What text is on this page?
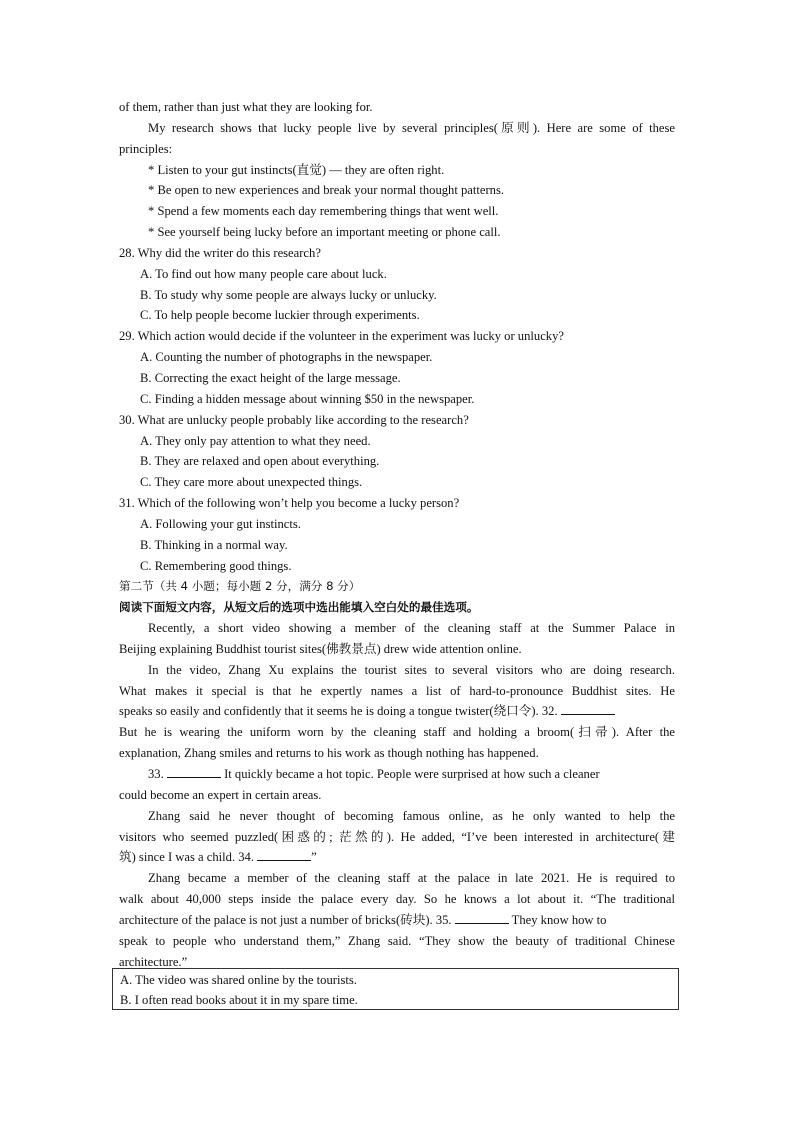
of them, rather than just what they are looking for.
My research shows that lucky people live by several principles(原则). Here are some of these
principles:
* Listen to your gut instincts(直觉) — they are often right.
* Be open to new experiences and break your normal thought patterns.
* Spend a few moments each day remembering things that went well.
* See yourself being lucky before an important meeting or phone call.
28. Why did the writer do this research?
A. To find out how many people care about luck.
B. To study why some people are always lucky or unlucky.
C. To help people become luckier through experiments.
29. Which action would decide if the volunteer in the experiment was lucky or unlucky?
A. Counting the number of photographs in the newspaper.
B. Correcting the exact height of the large message.
C. Finding a hidden message about winning $50 in the newspaper.
30. What are unlucky people probably like according to the research?
A. They only pay attention to what they need.
B. They are relaxed and open about everything.
C. They care more about unexpected things.
31. Which of the following won’t help you become a lucky person?
A. Following your gut instincts.
B. Thinking in a normal way.
C. Remembering good things.
第二节（共 4 小题；每小题 2 分，满分 8 分）
阅读下面短文内容，从短文后的选项中选出能填入空白处的最佳选项。
Recently, a short video showing a member of the cleaning staff at the Summer Palace in
Beijing explaining Buddhist tourist sites(佛教景点) drew wide attention online.
In the video, Zhang Xu explains the tourist sites to several visitors who are doing research.
What makes it special is that he expertly names a list of hard-to-pronounce Buddhist sites. He
speaks so easily and confidently that it seems he is doing a tongue twister(绕口令). 32.
But he is wearing the uniform worn by the cleaning staff and holding a broom(扫帚). After the
explanation, Zhang smiles and returns to his work as though nothing has happened.
33.	It quickly became a hot topic. People were surprised at how such a cleaner
could become an expert in certain areas.
Zhang said he never thought of becoming famous online, as he only wanted to help the
visitors who seemed puzzled(困惑的; 茫然的). He added, “I’ve been interested in architecture(建
筑) since I was a child. 34.	”
Zhang became a member of the cleaning staff at the palace in late 2021. He is required to
walk about 40,000 steps inside the palace every day. So he knows a lot about it. “The traditional
architecture of the palace is not just a number of bricks(砖块). 35.	They know how to
speak to people who understand them,” Zhang said. “They show the beauty of traditional Chinese
architecture.”
A. The video was shared online by the tourists.
B. I often read books about it in my spare time.
